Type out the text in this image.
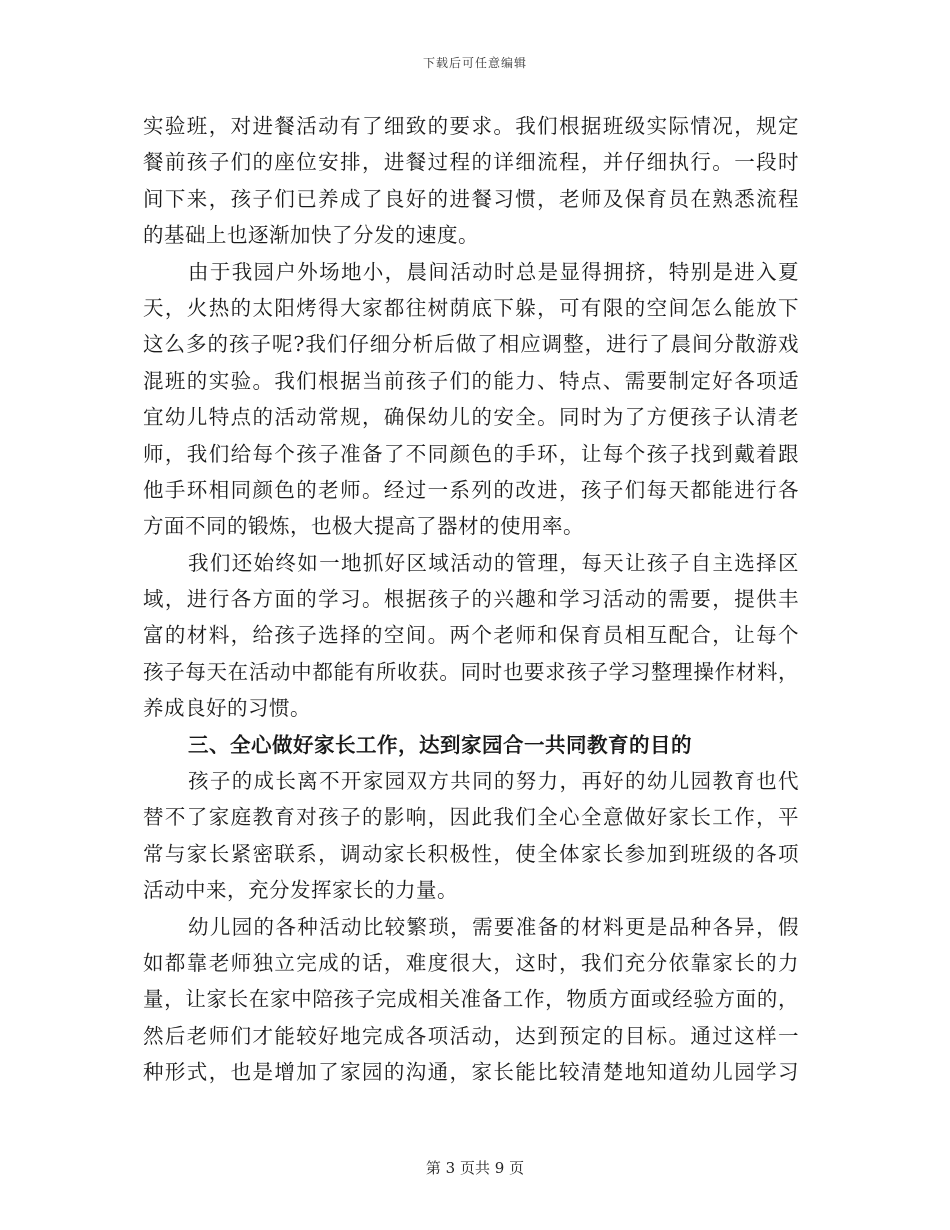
下载后可任意编辑
实验班，对进餐活动有了细致的要求。我们根据班级实际情况，规定
餐前孩子们的座位安排，进餐过程的详细流程，并仔细执行。一段时
间下来，孩子们已养成了良好的进餐习惯，老师及保育员在熟悉流程
的基础上也逐渐加快了分发的速度。
由于我园户外场地小，晨间活动时总是显得拥挤，特别是进入夏
天，火热的太阳烤得大家都往树荫底下躲，可有限的空间怎么能放下
这么多的孩子呢?我们仔细分析后做了相应调整，进行了晨间分散游戏
混班的实验。我们根据当前孩子们的能力、特点、需要制定好各项适
宜幼儿特点的活动常规，确保幼儿的安全。同时为了方便孩子认清老
师，我们给每个孩子准备了不同颜色的手环，让每个孩子找到戴着跟
他手环相同颜色的老师。经过一系列的改进，孩子们每天都能进行各
方面不同的锻炼，也极大提高了器材的使用率。
我们还始终如一地抓好区域活动的管理，每天让孩子自主选择区
域，进行各方面的学习。根据孩子的兴趣和学习活动的需要，提供丰
富的材料，给孩子选择的空间。两个老师和保育员相互配合，让每个
孩子每天在活动中都能有所收获。同时也要求孩子学习整理操作材料，
养成良好的习惯。
三、全心做好家长工作，达到家园合一共同教育的目的
孩子的成长离不开家园双方共同的努力，再好的幼儿园教育也代
替不了家庭教育对孩子的影响，因此我们全心全意做好家长工作，平
常与家长紧密联系，调动家长积极性，使全体家长参加到班级的各项
活动中来，充分发挥家长的力量。
幼儿园的各种活动比较繁琐，需要准备的材料更是品种各异，假
如都靠老师独立完成的话，难度很大，这时，我们充分依靠家长的力
量，让家长在家中陪孩子完成相关准备工作，物质方面或经验方面的，
然后老师们才能较好地完成各项活动，达到预定的目标。通过这样一
种形式，也是增加了家园的沟通，家长能比较清楚地知道幼儿园学习
第 3 页共 9 页
